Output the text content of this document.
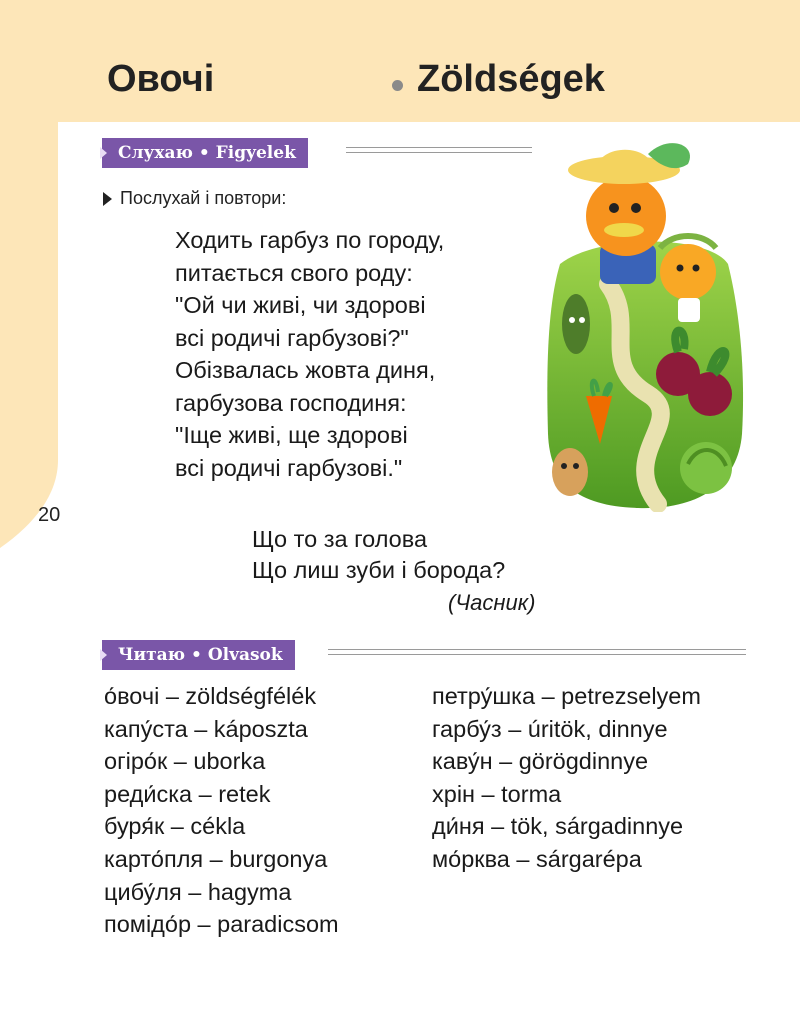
Овочі	Zöldségek
20
Слухаю • Figyelek
Послухай і повтори:
Ходить гарбуз по городу,
питається свого роду:
"Ой чи живі, чи здорові
всі родичі гарбузові?"
Обізвалась жовта диня,
гарбузова господиня:
"Іще живі, ще здорові
всі родичі гарбузові."
Що то за голова
Що лиш зуби і борода?
(Часник)
Читаю • Olvasok
о́вочі – zöldségfélék
капу́ста – káposzta
огіро́к – uborka
реди́ска – retek
буря́к – cékla
карто́пля – burgonya
цибу́ля – hagyma
помідо́р – paradicsom
петру́шка – petrezselyem
гарбу́з – úritök, dinnye
каву́н – görögdinnye
хрін – torma
ди́ня – tök, sárgadinnye
мо́рква – sárgarépa
